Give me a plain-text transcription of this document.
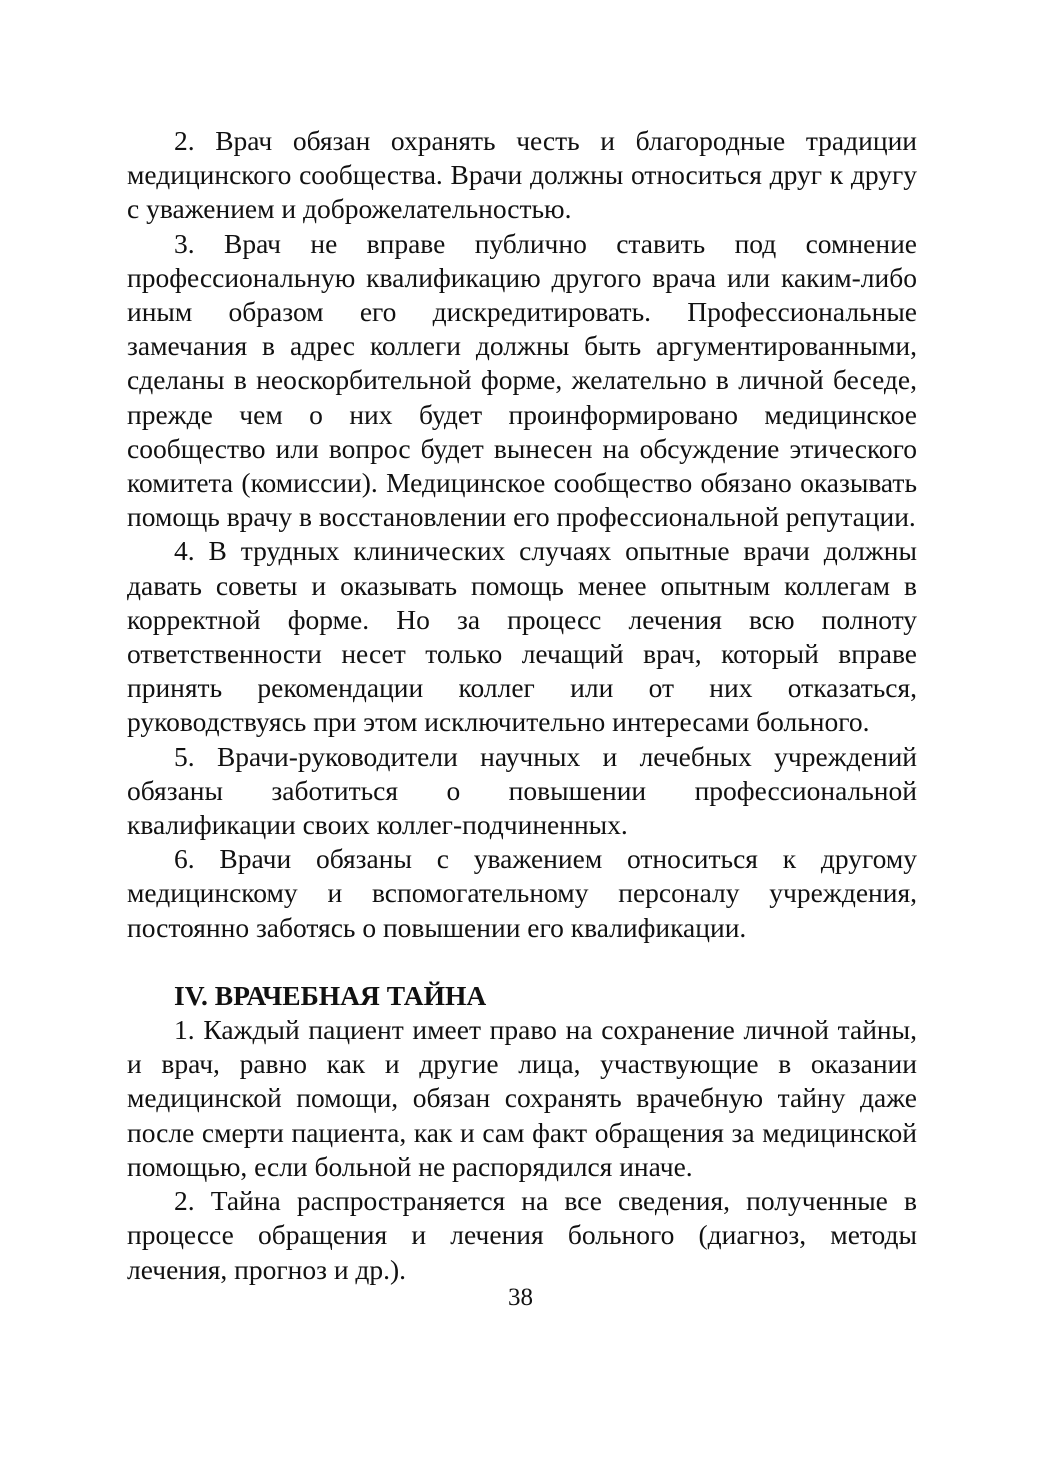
2. Врач обязан охранять честь и благородные традиции медицинского сообщества. Врачи должны относиться друг к другу с уважением и доброжелательностью.

3. Врач не вправе публично ставить под сомнение профессиональную квалификацию другого врача или каким-либо иным образом его дискредитировать. Профессиональные замечания в адрес коллеги должны быть аргументированными, сделаны в неоскорбительной форме, желательно в личной беседе, прежде чем о них будет проинформировано медицинское сообщество или вопрос будет вынесен на обсуждение этического комитета (комиссии). Медицинское сообщество обязано оказывать помощь врачу в восстановлении его профессиональной репутации.

4. В трудных клинических случаях опытные врачи должны давать советы и оказывать помощь менее опытным коллегам в корректной форме. Но за процесс лечения всю полноту ответственности несет только лечащий врач, который вправе принять рекомендации коллег или от них отказаться, руководствуясь при этом исключительно интересами больного.

5. Врачи-руководители научных и лечебных учреждений обязаны заботиться о повышении профессиональной квалификации своих коллег-подчиненных.

6. Врачи обязаны с уважением относиться к другому медицинскому и вспомогательному персоналу учреждения, постоянно заботясь о повышении его квалификации.

IV. ВРАЧЕБНАЯ ТАЙНА

1. Каждый пациент имеет право на сохранение личной тайны, и врач, равно как и другие лица, участвующие в оказании медицинской помощи, обязан сохранять врачебную тайну даже после смерти пациента, как и сам факт обращения за медицинской помощью, если больной не распорядился иначе.

2. Тайна распространяется на все сведения, полученные в процессе обращения и лечения больного (диагноз, методы лечения, прогноз и др.).

38
